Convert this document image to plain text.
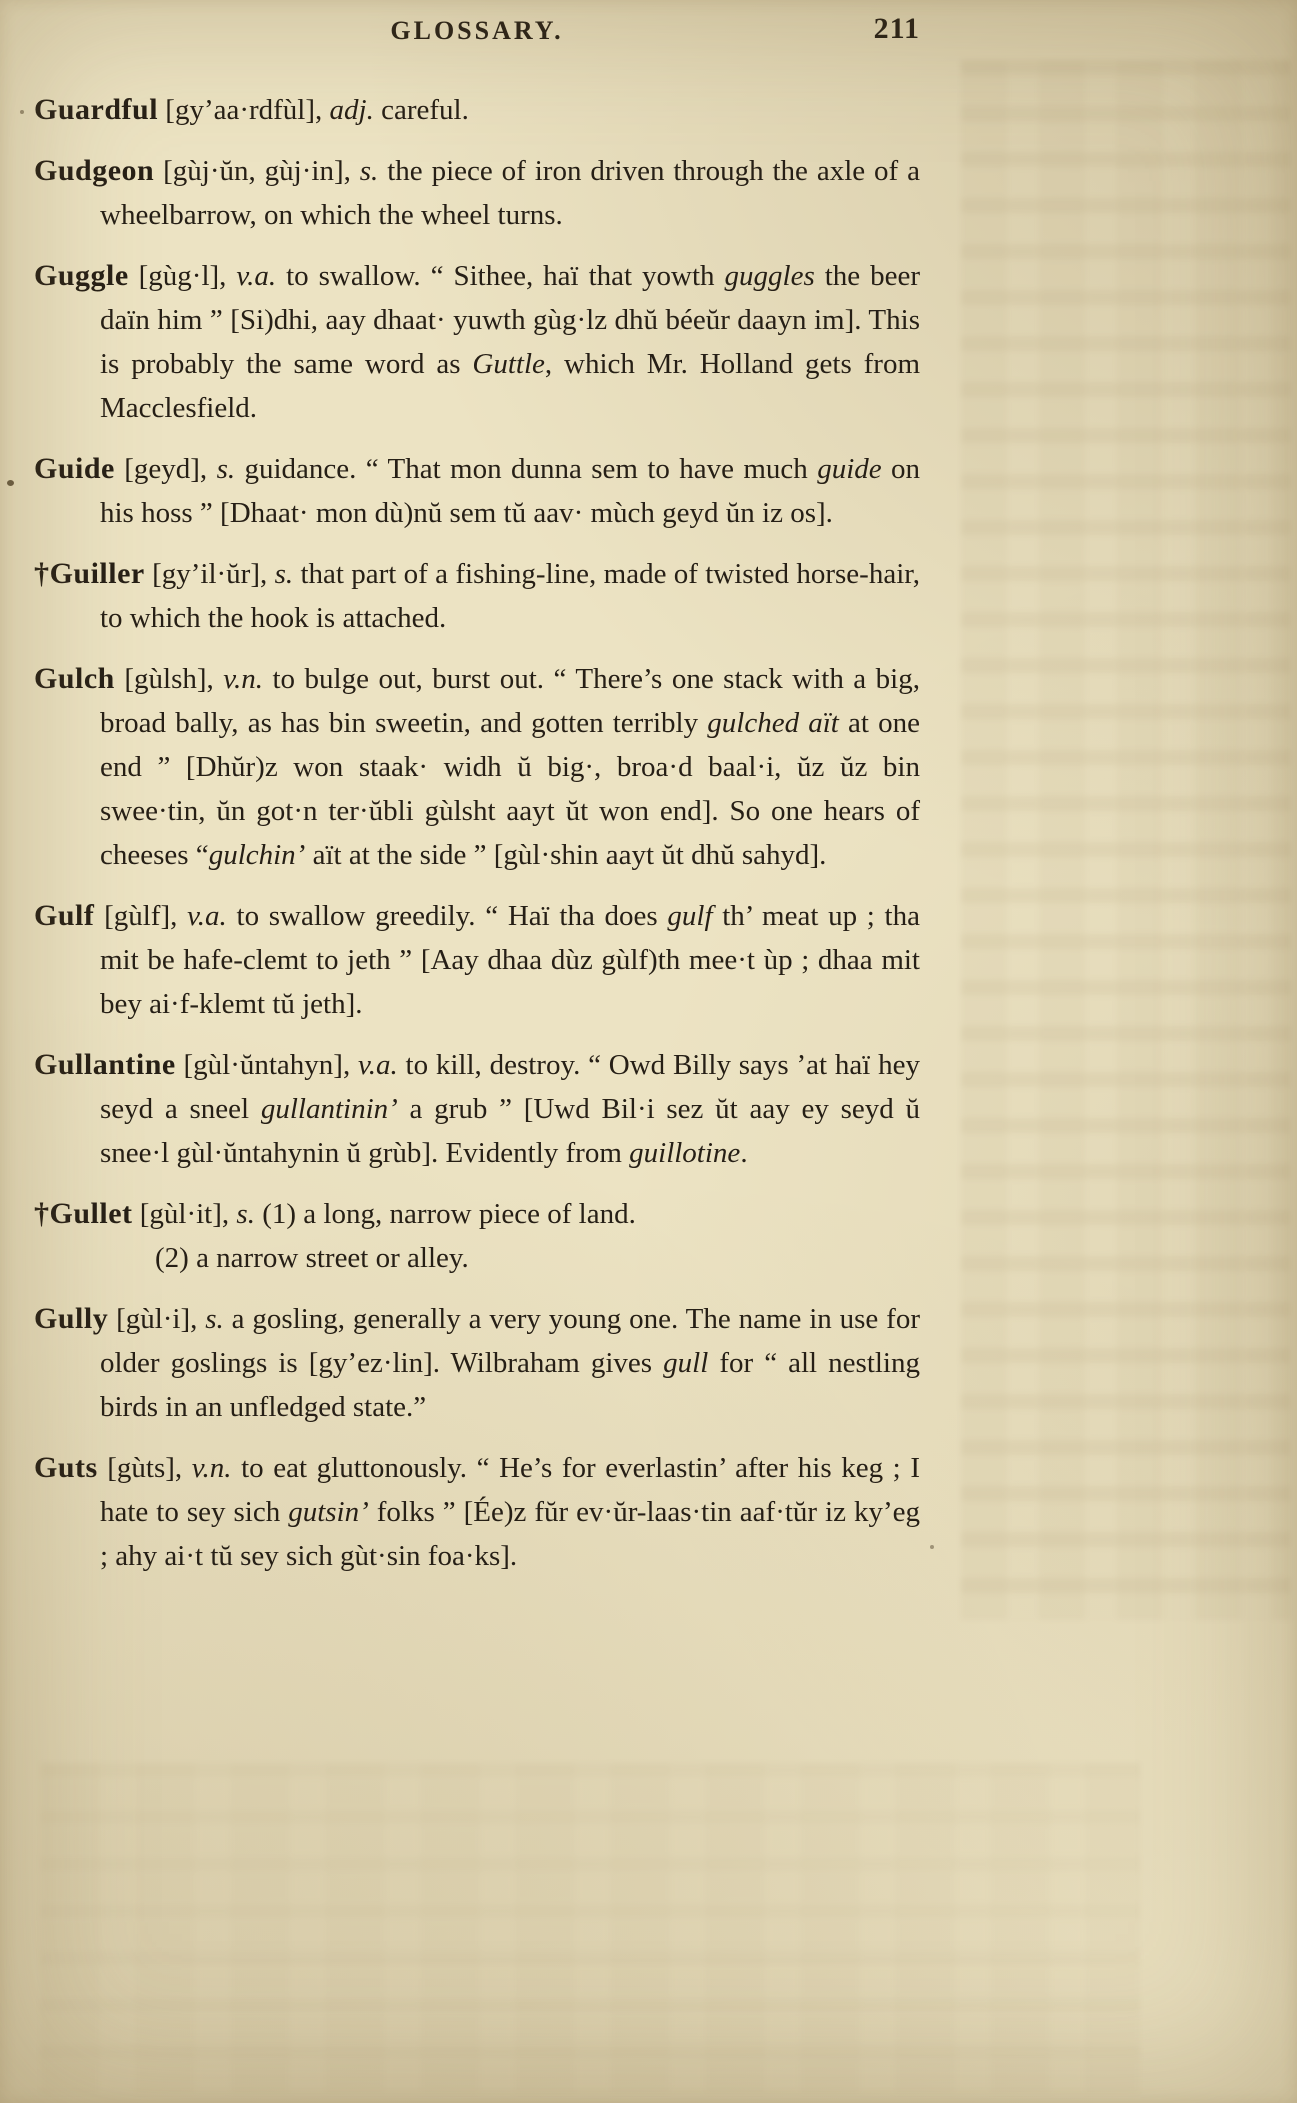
GLOSSARY.	211

Guardful [gy’aa·rdfùl], adj. careful.

Gudgeon [gùj·ŭn, gùj·in], s. the piece of iron driven through the axle of a wheelbarrow, on which the wheel turns.

Guggle [gùg·l], v.a. to swallow. “ Sithee, haï that yowth guggles the beer daïn him ” [Si)dhi, aay dhaat· yuwth gùg·lz dhŭ béeŭr daayn im]. This is probably the same word as Guttle, which Mr. Holland gets from Macclesfield.

Guide [geyd], s. guidance. “ That mon dunna sem to have much guide on his hoss ” [Dhaat· mon dù)nŭ sem tŭ aav· mùch geyd ŭn iz os].

†Guiller [gy’il·ŭr], s. that part of a fishing-line, made of twisted horse-hair, to which the hook is attached.

Gulch [gùlsh], v.n. to bulge out, burst out. “ There’s one stack with a big, broad bally, as has bin sweetin, and gotten terribly gulched aït at one end ” [Dhŭr)z won staak· widh ŭ big·, broa·d baal·i, ŭz ŭz bin swee·tin, ŭn got·n ter·ŭbli gùlsht aayt ŭt won end]. So one hears of cheeses “gulchin’ aït at the side ” [gùl·shin aayt ŭt dhŭ sahyd].

Gulf [gùlf], v.a. to swallow greedily. “ Haï tha does gulf th’ meat up ; tha mit be hafe-clemt to jeth ” [Aay dhaa dùz gùlf)th mee·t ùp ; dhaa mit bey ai·f-klemt tŭ jeth].

Gullantine [gùl·ŭntahyn], v.a. to kill, destroy. “ Owd Billy says ’at haï hey seyd a sneel gullantinin’ a grub ” [Uwd Bil·i sez ŭt aay ey seyd ŭ snee·l gùl·ŭntahynin ŭ grùb]. Evidently from guillotine.

†Gullet [gùl·it], s. (1) a long, narrow piece of land.
(2) a narrow street or alley.

Gully [gùl·i], s. a gosling, generally a very young one. The name in use for older goslings is [gy’ez·lin]. Wilbraham gives gull for “ all nestling birds in an unfledged state.”

Guts [gùts], v.n. to eat gluttonously. “ He’s for everlastin’ after his keg ; I hate to sey sich gutsin’ folks ” [Ée)z fŭr ev·ŭr-laas·tin aaf·tŭr iz ky’eg ; ahy ai·t tŭ sey sich gùt·sin foa·ks].
